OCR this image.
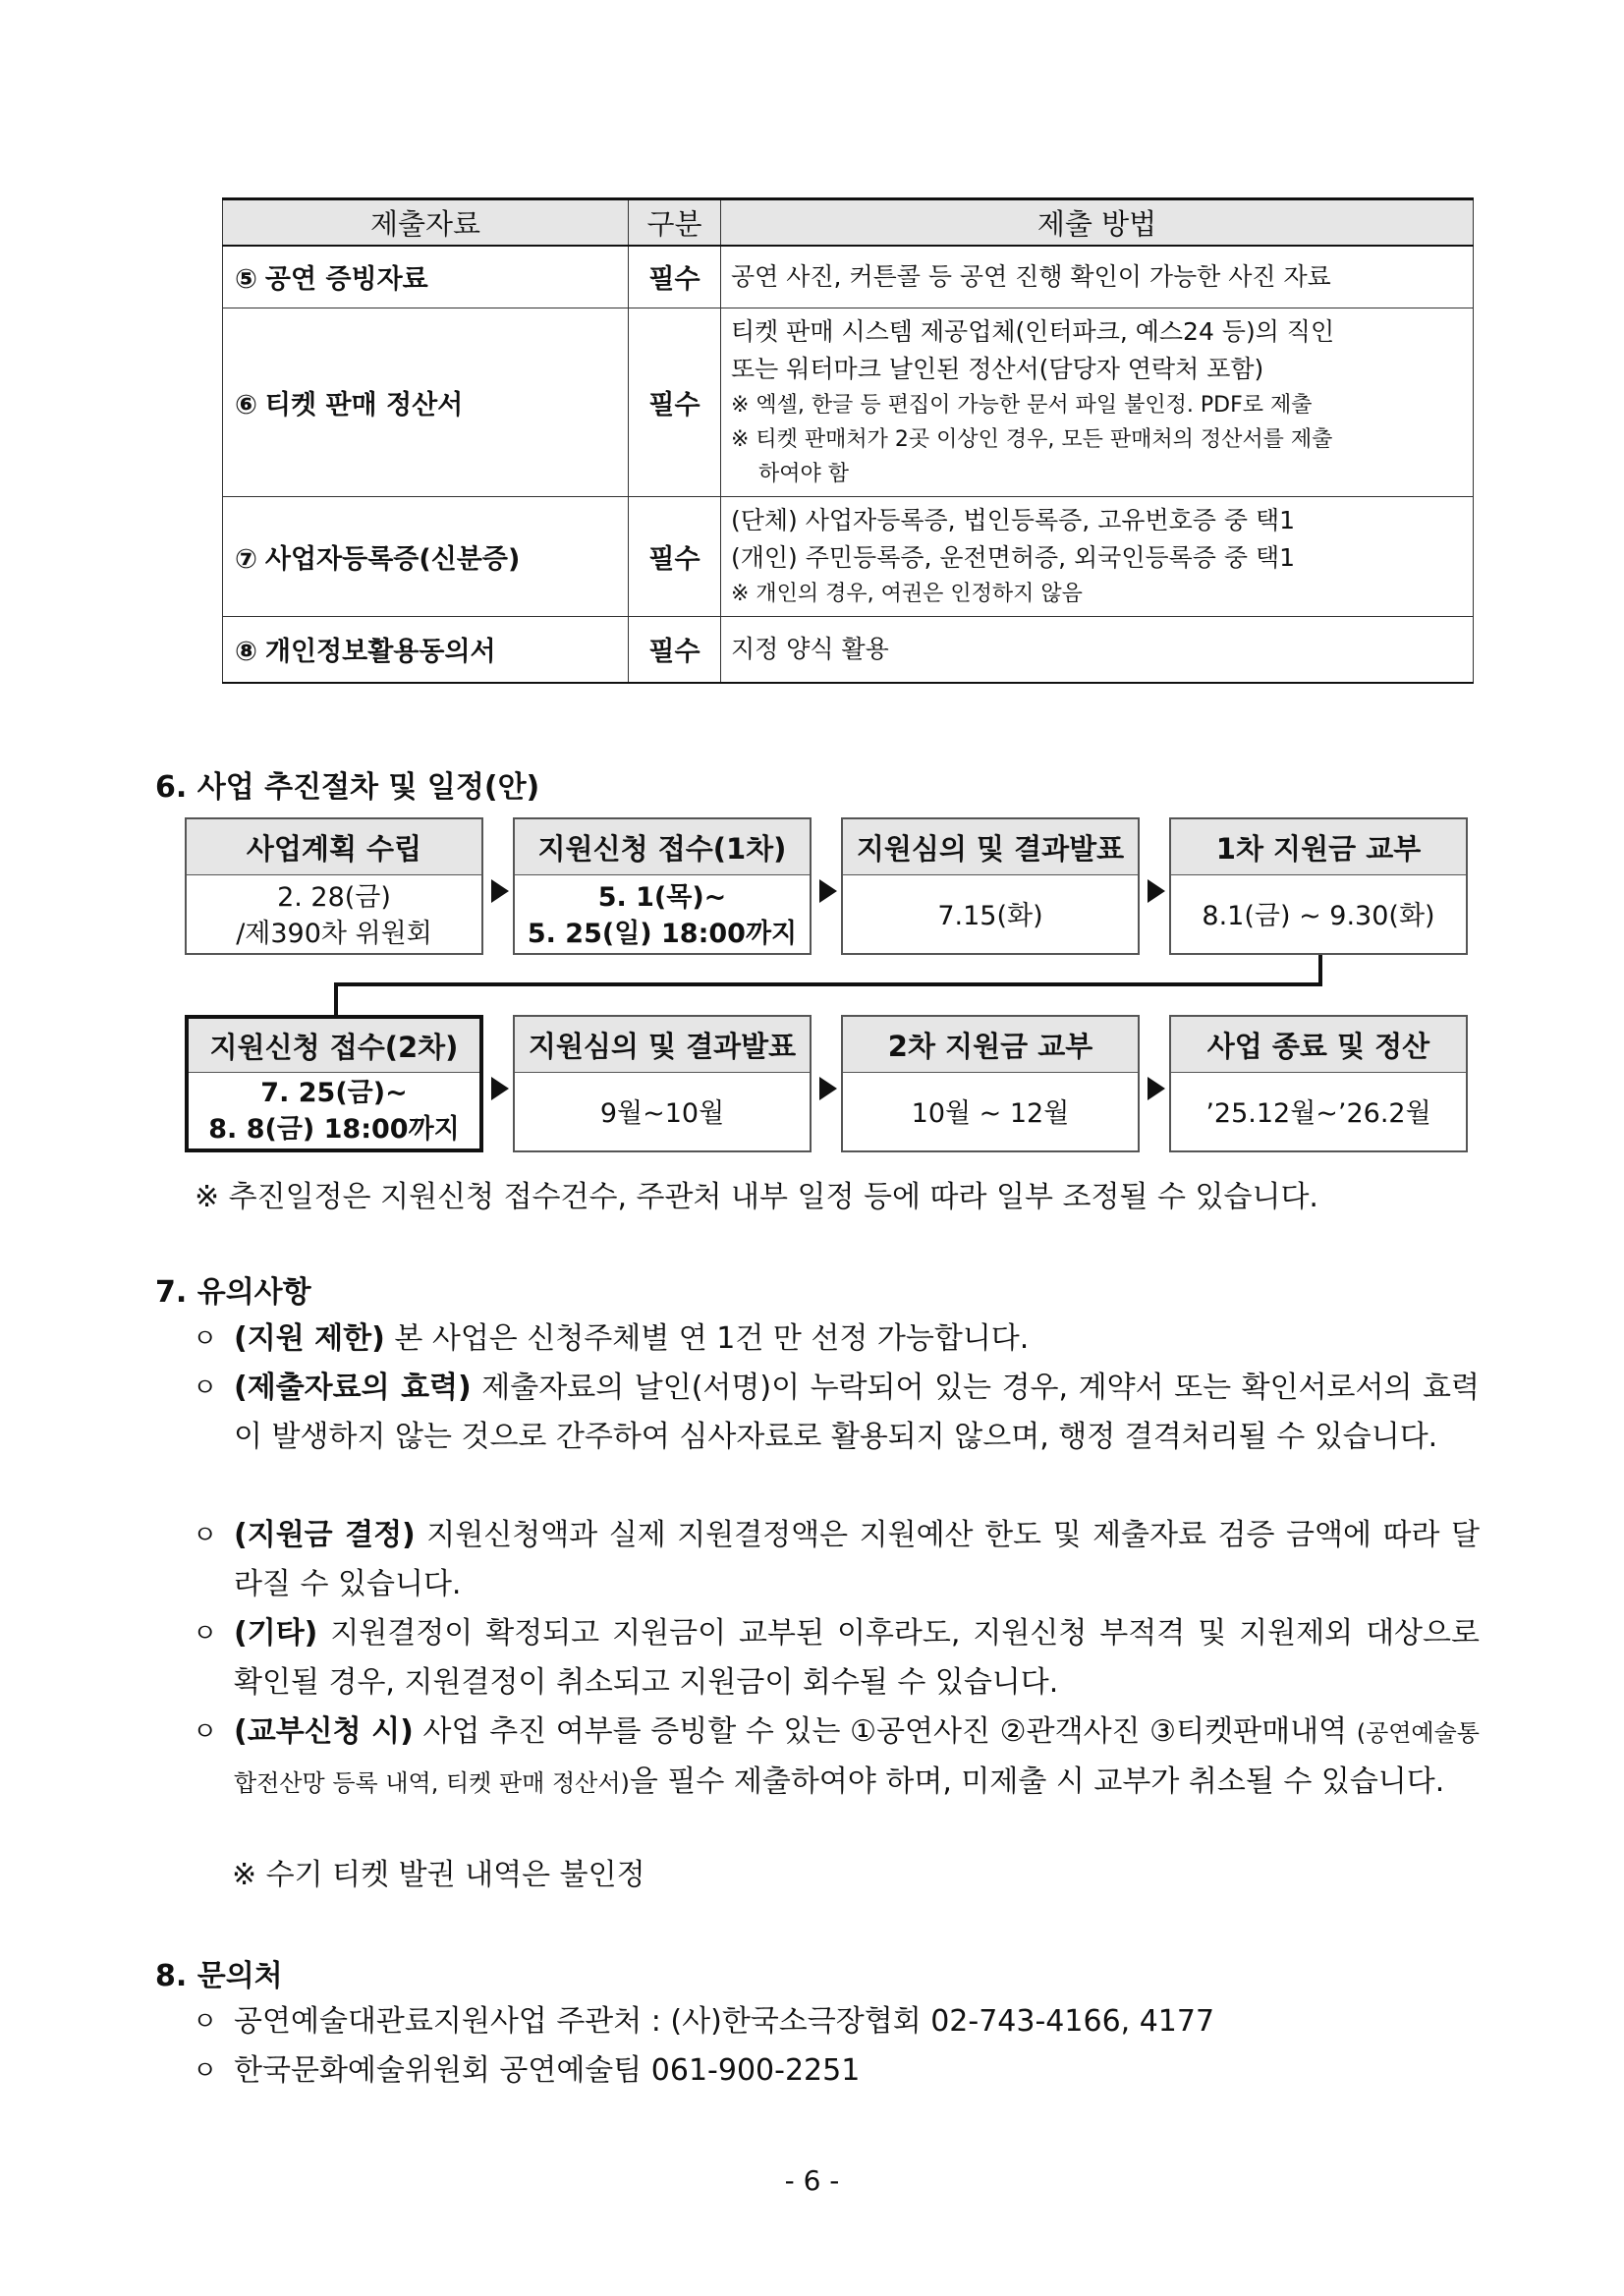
제출자료	구분	제출 방법
⑤ 공연 증빙자료	필수	공연 사진, 커튼콜 등 공연 진행 확인이 가능한 사진 자료

⑥ 티켓 판매 정산서	필수	티켓 판매 시스템 제공업체(인터파크, 예스24 등)의 직인
또는 워터마크 날인된 정산서(담당자 연락처 포함)
※ 엑셀, 한글 등 편집이 가능한 문서 파일 불인정. PDF로 제출
※ 티켓 판매처가 2곳 이상인 경우, 모든 판매처의 정산서를 제출
하여야 함

⑦ 사업자등록증(신분증)	필수	(단체) 사업자등록증, 법인등록증, 고유번호증 중 택1
(개인) 주민등록증, 운전면허증, 외국인등록증 중 택1
※ 개인의 경우, 여권은 인정하지 않음

⑧ 개인정보활용동의서	필수	지정 양식 활용
6. 사업 추진절차 및 일정(안)
사업계획 수립
2. 28(금)
/제390차 위원회
지원신청 접수(1차)
5. 1(목)~
5. 25(일) 18:00까지
지원심의 및 결과발표
7.15(화)
1차 지원금 교부
8.1(금) ~ 9.30(화)
지원신청 접수(2차)
7. 25(금)~
8. 8(금) 18:00까지
지원심의 및 결과발표
9월~10월
2차 지원금 교부
10월 ~ 12월
사업 종료 및 정산
’25.12월~’26.2월
※ 추진일정은 지원신청 접수건수, 주관처 내부 일정 등에 따라 일부 조정될 수 있습니다.
7. 유의사항
ㅇ (지원 제한) 본 사업은 신청주체별 연 1건 만 선정 가능합니다.
ㅇ (제출자료의 효력) 제출자료의 날인(서명)이 누락되어 있는 경우, 계약서 또는 확인서로서의 효력이 발생하지 않는 것으로 간주하여 심사자료로 활용되지 않으며, 행정 결격처리될 수 있습니다.
ㅇ (지원금 결정) 지원신청액과 실제 지원결정액은 지원예산 한도 및 제출자료 검증 금액에 따라 달라질 수 있습니다.
ㅇ (기타) 지원결정이 확정되고 지원금이 교부된 이후라도, 지원신청 부적격 및 지원제외 대상으로 확인될 경우, 지원결정이 취소되고 지원금이 회수될 수 있습니다.
ㅇ (교부신청 시) 사업 추진 여부를 증빙할 수 있는 ①공연사진 ②관객사진 ③티켓판매내역 (공연예술통합전산망 등록 내역, 티켓 판매 정산서)을 필수 제출하여야 하며, 미제출 시 교부가 취소될 수 있습니다.
※ 수기 티켓 발권 내역은 불인정
8. 문의처
ㅇ 공연예술대관료지원사업 주관처 : (사)한국소극장협회 02-743-4166, 4177
ㅇ 한국문화예술위원회 공연예술팀 061-900-2251
- 6 -
